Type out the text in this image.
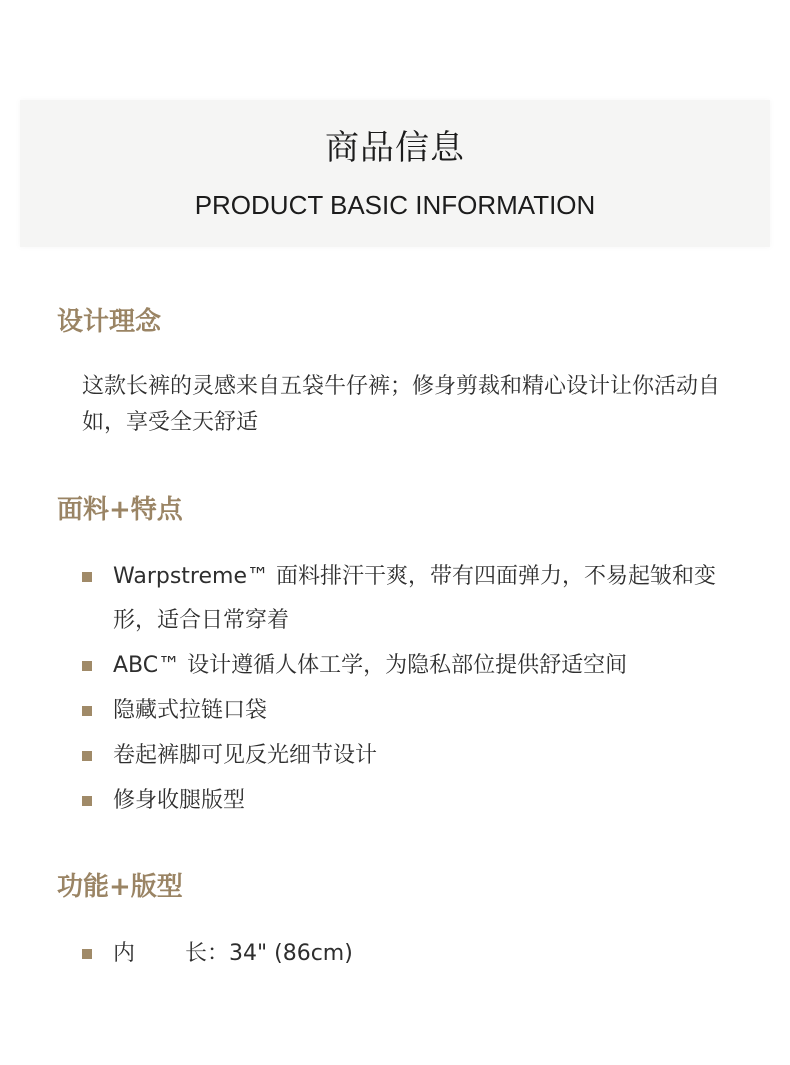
商品信息
PRODUCT BASIC INFORMATION
设计理念
这款长裤的灵感来自五袋牛仔裤；修身剪裁和精心设计让你活动自如，享受全天舒适
面料+特点
Warpstreme™ 面料排汗干爽，带有四面弹力，不易起皱和变形，适合日常穿着
ABC™ 设计遵循人体工学，为隐私部位提供舒适空间
隐藏式拉链口袋
卷起裤脚可见反光细节设计
修身收腿版型
功能+版型
内 长：34" (86cm)
